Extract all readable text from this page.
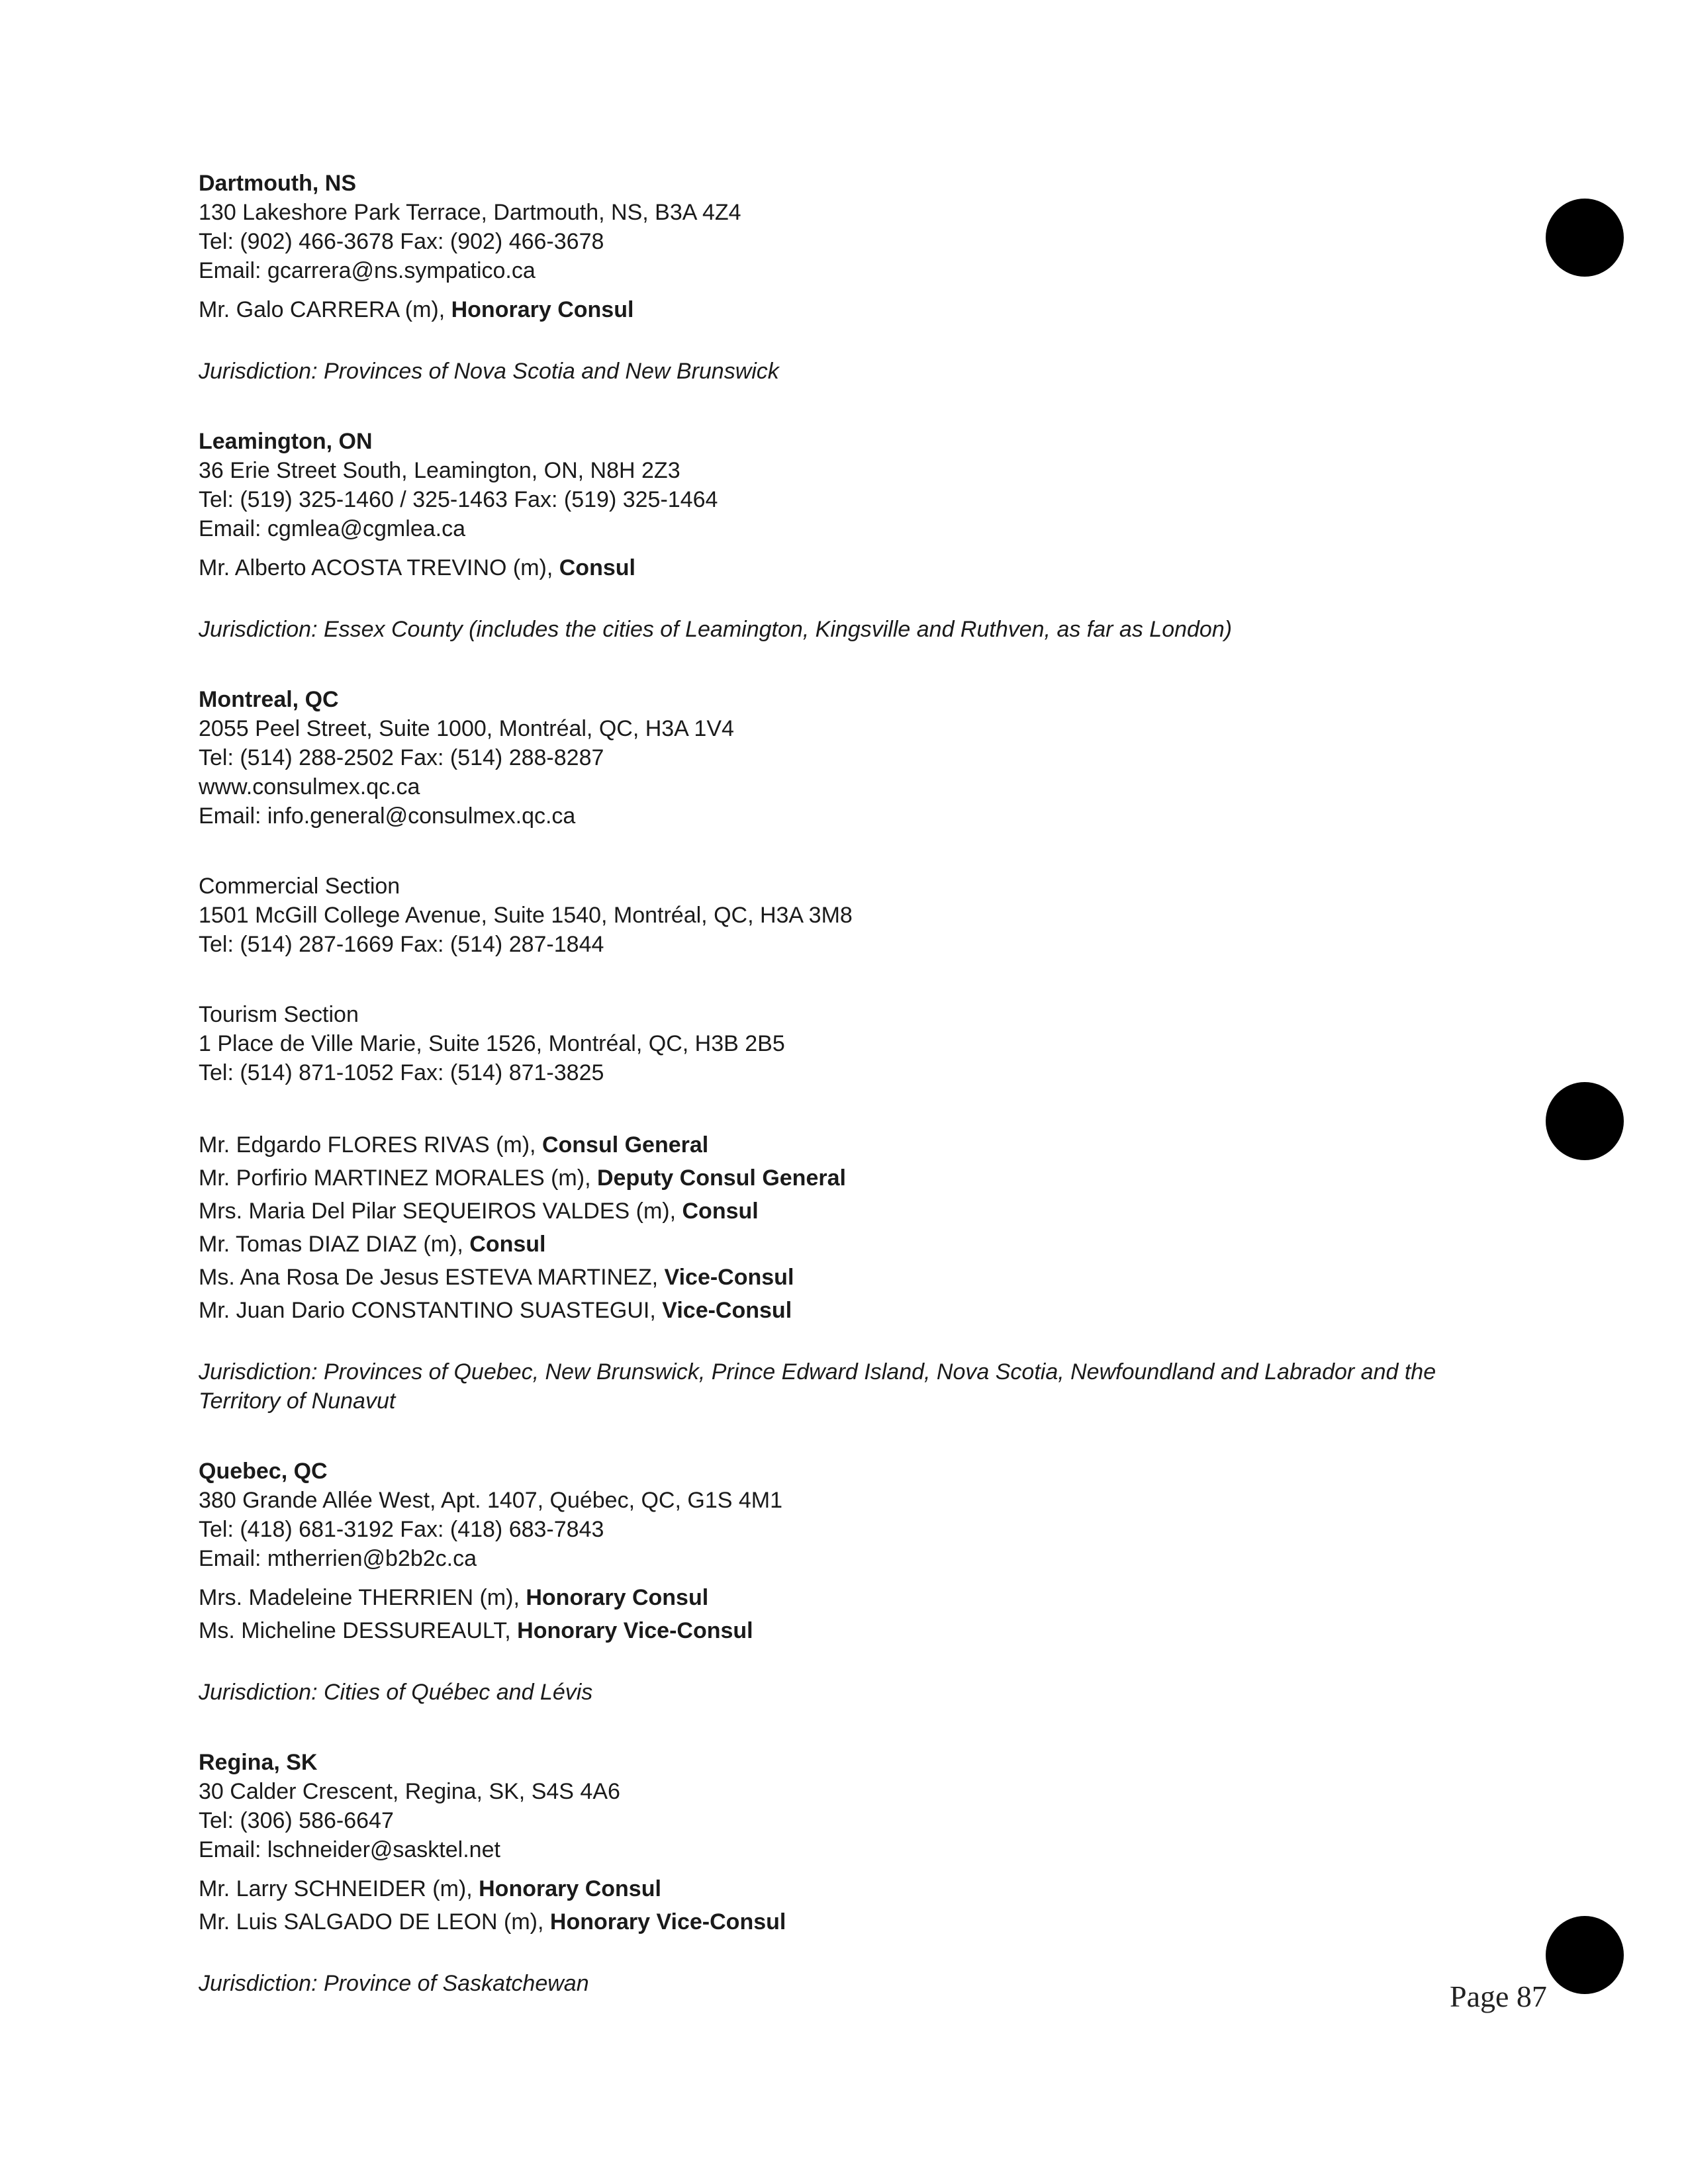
Dartmouth, NS
130 Lakeshore Park Terrace, Dartmouth, NS, B3A 4Z4
Tel: (902) 466-3678 Fax: (902) 466-3678
Email: gcarrera@ns.sympatico.ca
Mr. Galo CARRERA (m), Honorary Consul
Jurisdiction: Provinces of Nova Scotia and New Brunswick
Leamington, ON
36 Erie Street South, Leamington, ON, N8H 2Z3
Tel: (519) 325-1460 / 325-1463 Fax: (519) 325-1464
Email: cgmlea@cgmlea.ca
Mr. Alberto ACOSTA TREVINO (m), Consul
Jurisdiction: Essex County (includes the cities of Leamington, Kingsville and Ruthven, as far as London)
Montreal, QC
2055 Peel Street, Suite 1000, Montréal, QC, H3A 1V4
Tel: (514) 288-2502 Fax: (514) 288-8287
www.consulmex.qc.ca
Email: info.general@consulmex.qc.ca
Commercial Section
1501 McGill College Avenue, Suite 1540, Montréal, QC, H3A 3M8
Tel: (514) 287-1669 Fax: (514) 287-1844
Tourism Section
1 Place de Ville Marie, Suite 1526, Montréal, QC, H3B 2B5
Tel: (514) 871-1052 Fax: (514) 871-3825
Mr. Edgardo FLORES RIVAS (m), Consul General
Mr. Porfirio MARTINEZ MORALES (m), Deputy Consul General
Mrs. Maria Del Pilar SEQUEIROS VALDES (m), Consul
Mr. Tomas DIAZ DIAZ (m), Consul
Ms. Ana Rosa De Jesus ESTEVA MARTINEZ, Vice-Consul
Mr. Juan Dario CONSTANTINO SUASTEGUI, Vice-Consul
Jurisdiction: Provinces of Quebec, New Brunswick, Prince Edward Island, Nova Scotia, Newfoundland and Labrador and the Territory of Nunavut
Quebec, QC
380 Grande Allée West, Apt. 1407, Québec, QC, G1S 4M1
Tel: (418) 681-3192 Fax: (418) 683-7843
Email: mtherrien@b2b2c.ca
Mrs. Madeleine THERRIEN (m), Honorary Consul
Ms. Micheline DESSUREAULT, Honorary Vice-Consul
Jurisdiction: Cities of Québec and Lévis
Regina, SK
30 Calder Crescent, Regina, SK, S4S 4A6
Tel: (306) 586-6647
Email: lschneider@sasktel.net
Mr. Larry SCHNEIDER (m), Honorary Consul
Mr. Luis SALGADO DE LEON (m), Honorary Vice-Consul
Jurisdiction: Province of Saskatchewan	Page 87
